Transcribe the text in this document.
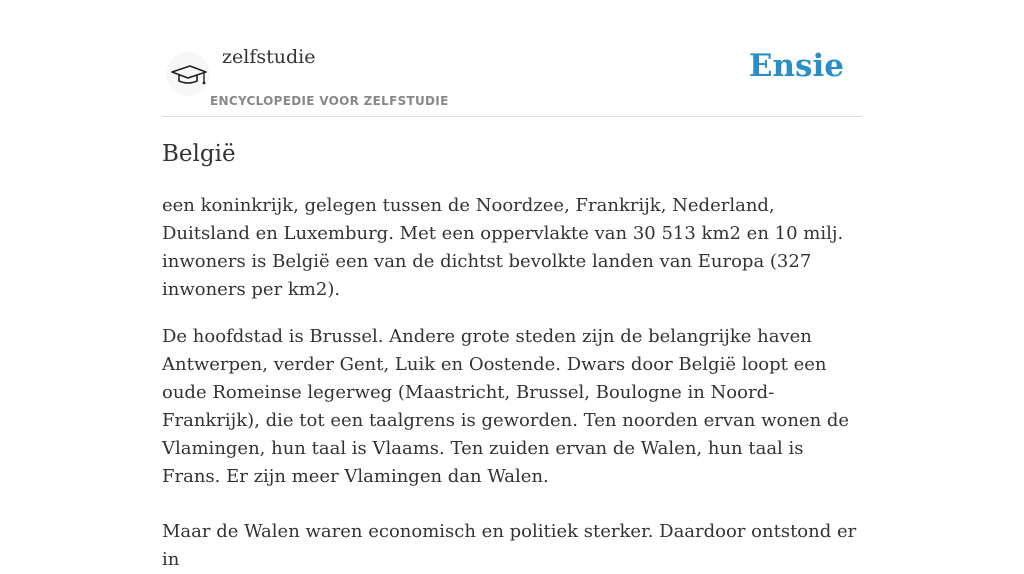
zelfstudie
ENCYCLOPEDIE VOOR ZELFSTUDIE
Ensie
België

een koninkrijk, gelegen tussen de Noordzee, Frankrijk, Nederland, Duitsland en Luxemburg. Met een oppervlakte van 30 513 km2 en 10 milj. inwoners is België een van de dichtst bevolkte landen van Europa (327 inwoners per km2).

De hoofdstad is Brussel. Andere grote steden zijn de belangrijke haven Antwerpen, verder Gent, Luik en Oostende. Dwars door België loopt een oude Romeinse legerweg (Maastricht, Brussel, Boulogne in Noord-Frankrijk), die tot een taalgrens is geworden. Ten noorden ervan wonen de Vlamingen, hun taal is Vlaams. Ten zuiden ervan de Walen, hun taal is Frans. Er zijn meer Vlamingen dan Walen.

Maar de Walen waren economisch en politiek sterker. Daardoor ontstond er in
